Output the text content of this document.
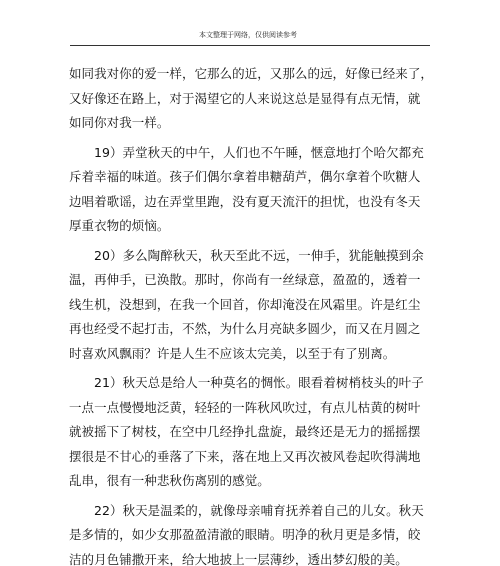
本文整理于网络，仅供阅读参考

如同我对你的爱一样，它那么的近，又那么的远，好像已经来了，
又好像还在路上，对于渴望它的人来说这总是显得有点无情，就
如同你对我一样。

19）弄堂秋天的中午，人们也不午睡，惬意地打个哈欠都充
斥着幸福的味道。孩子们偶尔拿着串糖葫芦，偶尔拿着个吹糖人
边唱着歌谣，边在弄堂里跑，没有夏天流汗的担忧，也没有冬天
厚重衣物的烦恼。

20）多么陶醉秋天，秋天至此不远，一伸手，犹能触摸到余
温，再伸手，已涣散。那时，你尚有一丝绿意，盈盈的，透着一
线生机，没想到，在我一个回首，你却淹没在风霜里。许是红尘
再也经受不起打击，不然，为什么月亮缺多圆少，而又在月圆之
时喜欢风飘雨？许是人生不应该太完美，以至于有了别离。

21）秋天总是给人一种莫名的惆怅。眼看着树梢枝头的叶子
一点一点慢慢地泛黄，轻轻的一阵秋风吹过，有点儿枯黄的树叶
就被摇下了树枝，在空中几经挣扎盘旋，最终还是无力的摇摇摆
摆很是不甘心的垂落了下来，落在地上又再次被风卷起吹得满地
乱串，很有一种悲秋伤离别的感觉。

22）秋天是温柔的，就像母亲哺育抚养着自己的儿女。秋天
是多情的，如少女那盈盈清澈的眼睛。明净的秋月更是多情，皎
洁的月色铺撒开来，给大地披上一层薄纱，透出梦幻般的美。
